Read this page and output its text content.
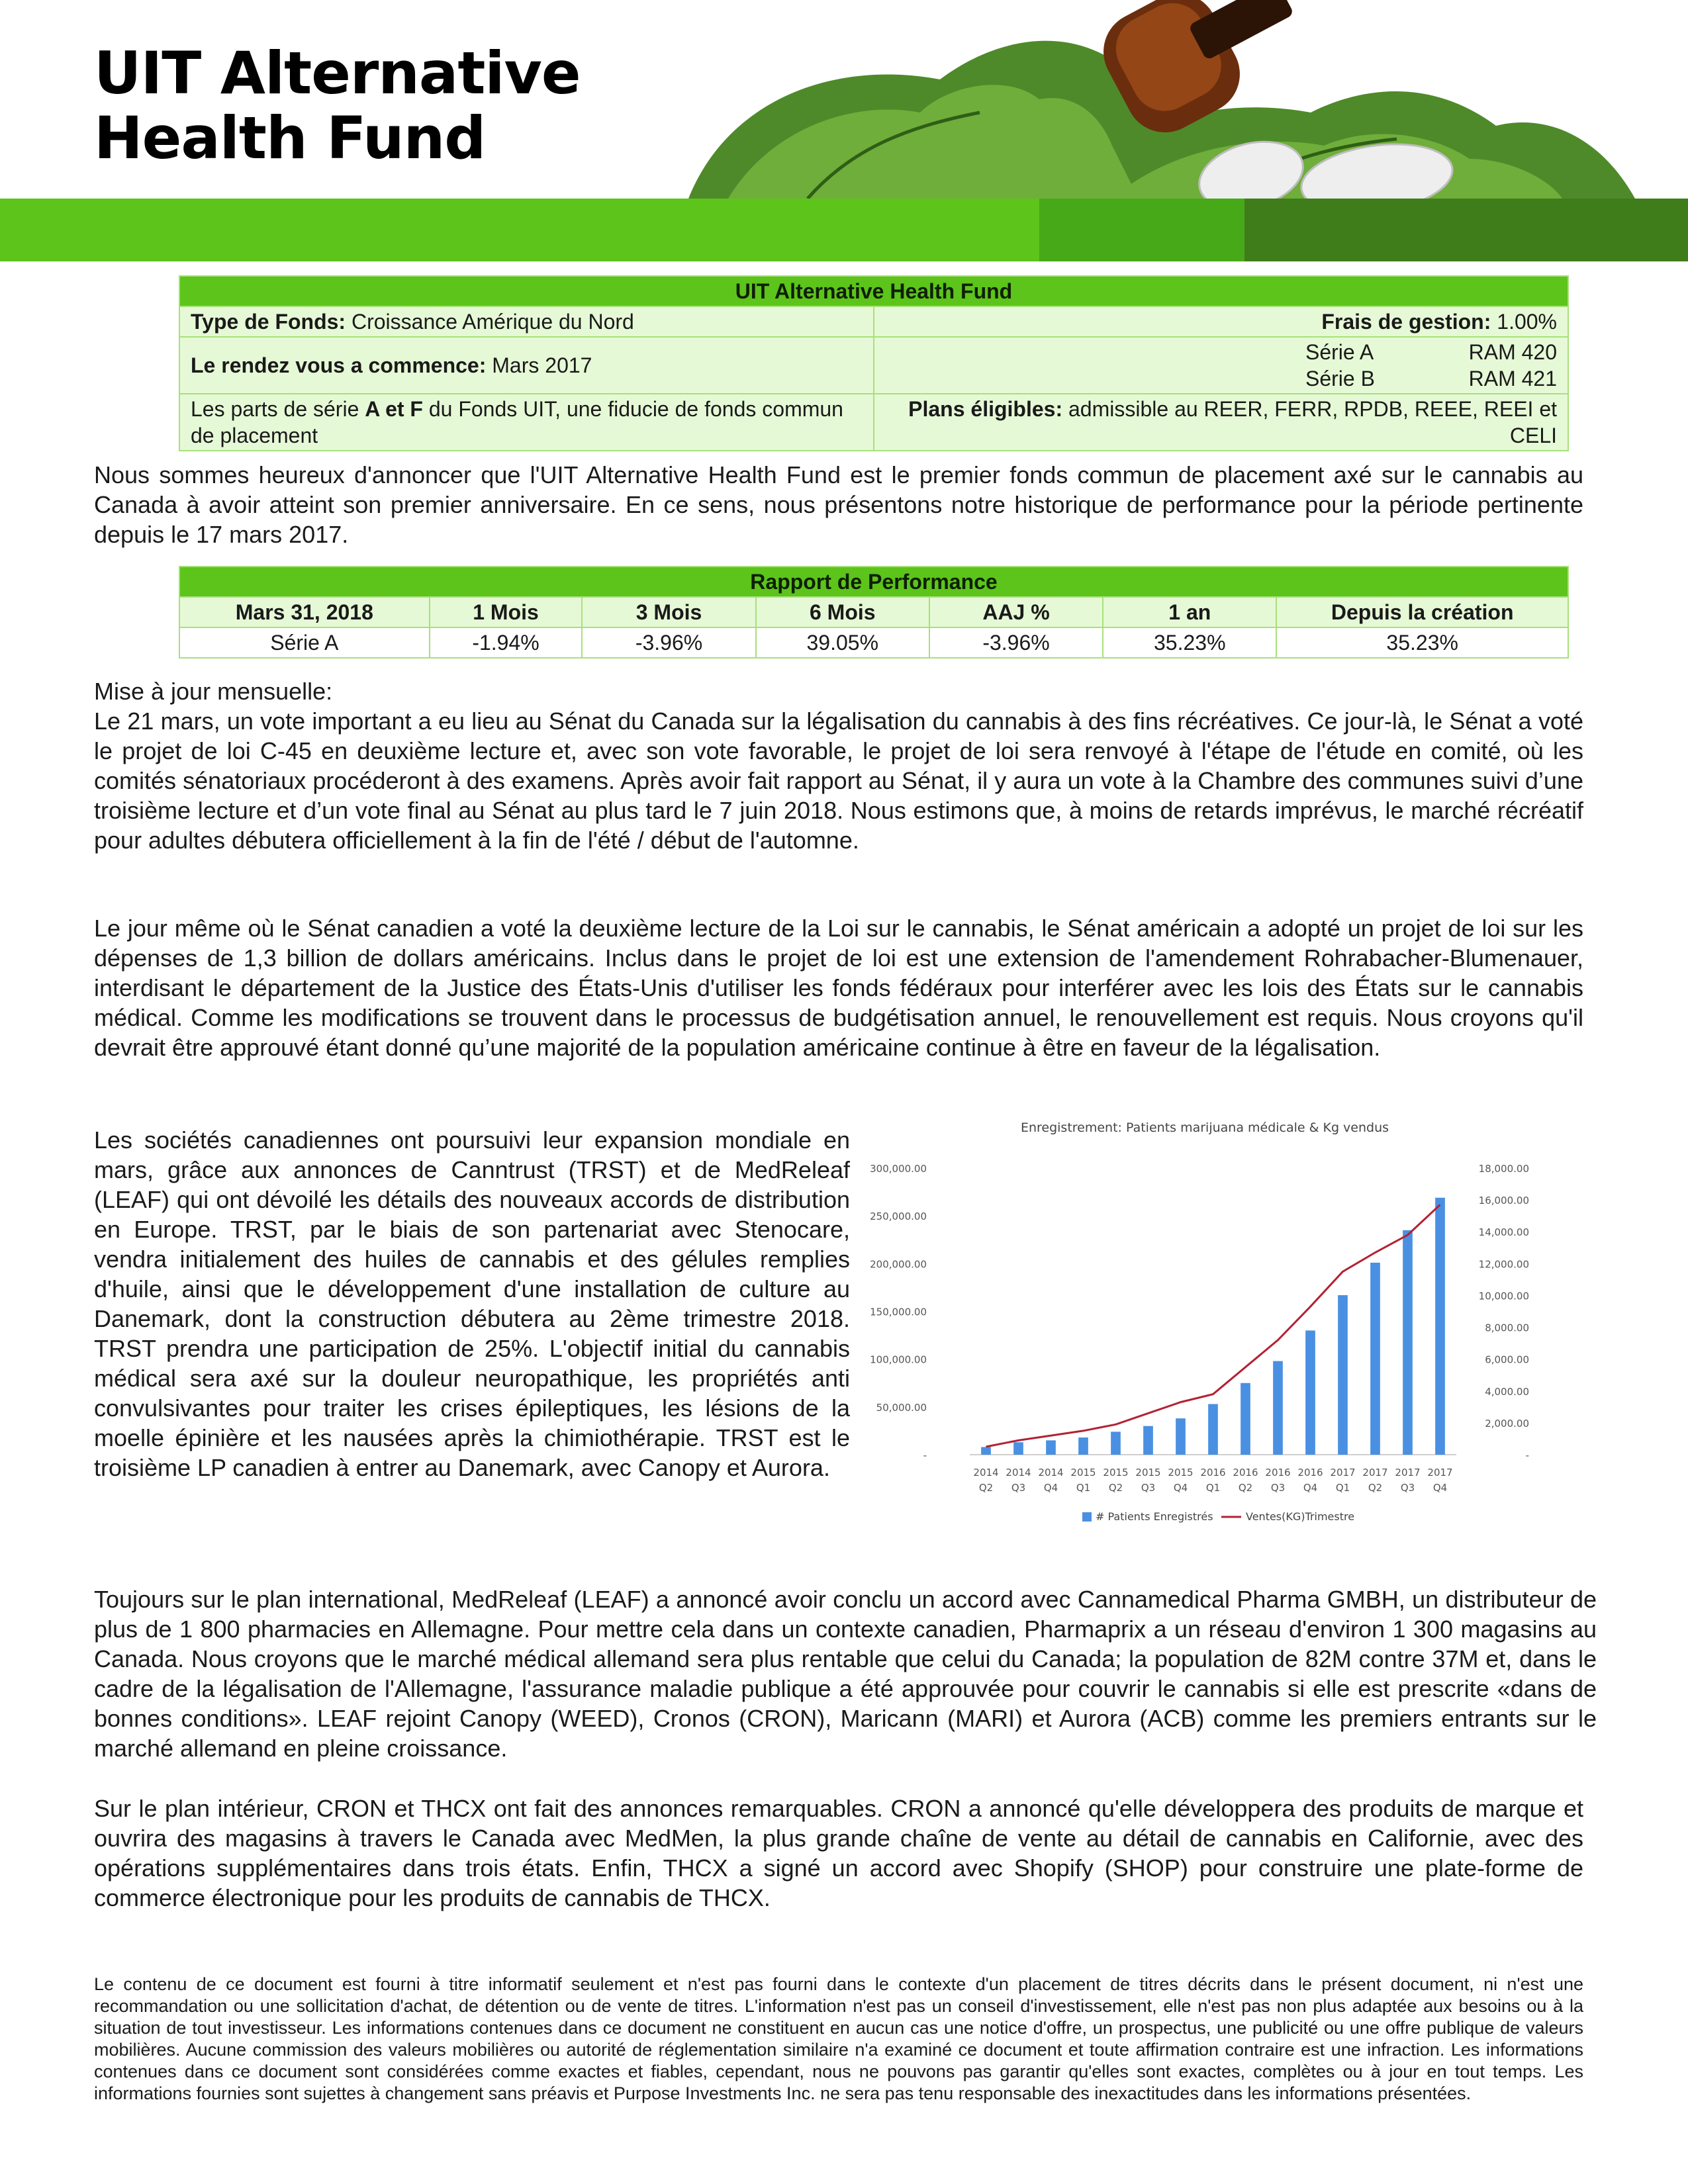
UIT Alternative
Health Fund
UIT Alternative Health Fund	
Type de Fonds: Croissance Amérique du Nord	Frais de gestion: 1.00%
Le rendez vous a commence: Mars 2017	Série A RAM 420
Série B RAM 421

Les parts de série A et F du Fonds UIT, une fiducie de fonds commun de placement	Plans éligibles: admissible au REER, FERR, RPDB, REEE, REEI et CELI

Nous sommes heureux d'annoncer que l'UIT Alternative Health Fund est le premier fonds commun de placement axé sur le cannabis au Canada à avoir atteint son premier anniversaire. En ce sens, nous présentons notre historique de performance pour la période pertinente depuis le 17 mars 2017.

Rapport de Performance						
Mars 31, 2018	1 Mois	3 Mois	6 Mois	AAJ %	1 an	Depuis la création
Série A	-1.94%	-3.96%	39.05%	-3.96%	35.23%	35.23%

Mise à jour mensuelle:

Le 21 mars, un vote important a eu lieu au Sénat du Canada sur la légalisation du cannabis à des fins récréatives. Ce jour-là, le Sénat a voté le projet de loi C-45 en deuxième lecture et, avec son vote favorable, le projet de loi sera renvoyé à l'étape de l'étude en comité, où les comités sénatoriaux procéderont à des examens. Après avoir fait rapport au Sénat, il y aura un vote à la Chambre des communes suivi d’une troisième lecture et d’un vote final au Sénat au plus tard le 7 juin 2018. Nous estimons que, à moins de retards imprévus, le marché récréatif pour adultes débutera officiellement à la fin de l'été / début de l'automne.

Le jour même où le Sénat canadien a voté la deuxième lecture de la Loi sur le cannabis, le Sénat américain a adopté un projet de loi sur les dépenses de 1,3 billion de dollars américains. Inclus dans le projet de loi est une extension de l'amendement Rohrabacher-Blumenauer, interdisant le département de la Justice des États-Unis d'utiliser les fonds fédéraux pour interférer avec les lois des États sur le cannabis médical. Comme les modifications se trouvent dans le processus de budgétisation annuel, le renouvellement est requis. Nous croyons qu'il devrait être approuvé étant donné qu’une majorité de la population américaine continue à être en faveur de la légalisation.

Les sociétés canadiennes ont poursuivi leur expansion mondiale en mars, grâce aux annonces de Canntrust (TRST) et de MedReleaf (LEAF) qui ont dévoilé les détails des nouveaux accords de distribution en Europe. TRST, par le biais de son partenariat avec Stenocare, vendra initialement des huiles de cannabis et des gélules remplies d'huile, ainsi que le développement d'une installation de culture au Danemark, dont la construction débutera au 2ème trimestre 2018. TRST prendra une participation de 25%. L'objectif initial du cannabis médical sera axé sur la douleur neuropathique, les propriétés anti convulsivantes pour traiter les crises épileptiques, les lésions de la moelle épinière et les nausées après la chimiothérapie. TRST est le troisième LP canadien à entrer au Danemark, avec Canopy et Aurora.

Enregistrement: Patients marijuana médicale & Kg vendus
-
50,000.00
100,000.00
150,000.00
200,000.00
250,000.00
300,000.00
-
2,000.00
4,000.00
6,000.00
8,000.00
10,000.00
12,000.00
14,000.00
16,000.00
18,000.00
2014
Q2
2014
Q3
2014
Q4
2015
Q1
2015
Q2
2015
Q3
2015
Q4
2016
Q1
2016
Q2
2016
Q3
2016
Q4
2017
Q1
2017
Q2
2017
Q3
2017
Q4
# Patients Enregistrés	Ventes(KG)Trimestre

Toujours sur le plan international, MedReleaf (LEAF) a annoncé avoir conclu un accord avec Cannamedical Pharma GMBH, un distributeur de plus de 1 800 pharmacies en Allemagne. Pour mettre cela dans un contexte canadien, Pharmaprix a un réseau d'environ 1 300 magasins au Canada. Nous croyons que le marché médical allemand sera plus rentable que celui du Canada; la population de 82M contre 37M et, dans le cadre de la légalisation de l'Allemagne, l'assurance maladie publique a été approuvée pour couvrir le cannabis si elle est prescrite «dans de bonnes conditions». LEAF rejoint Canopy (WEED), Cronos (CRON), Maricann (MARI) et Aurora (ACB) comme les premiers entrants sur le marché allemand en pleine croissance.

Sur le plan intérieur, CRON et THCX ont fait des annonces remarquables. CRON a annoncé qu'elle développera des produits de marque et ouvrira des magasins à travers le Canada avec MedMen, la plus grande chaîne de vente au détail de cannabis en Californie, avec des opérations supplémentaires dans trois états. Enfin, THCX a signé un accord avec Shopify (SHOP) pour construire une plate-forme de commerce électronique pour les produits de cannabis de THCX.

Le contenu de ce document est fourni à titre informatif seulement et n'est pas fourni dans le contexte d'un placement de titres décrits dans le présent document, ni n'est une recommandation ou une sollicitation d'achat, de détention ou de vente de titres. L'information n'est pas un conseil d'investissement, elle n'est pas non plus adaptée aux besoins ou à la situation de tout investisseur. Les informations contenues dans ce document ne constituent en aucun cas une notice d'offre, un prospectus, une publicité ou une offre publique de valeurs mobilières. Aucune commission des valeurs mobilières ou autorité de réglementation similaire n'a examiné ce document et toute affirmation contraire est une infraction. Les informations contenues dans ce document sont considérées comme exactes et fiables, cependant, nous ne pouvons pas garantir qu'elles sont exactes, complètes ou à jour en tout temps. Les informations fournies sont sujettes à changement sans préavis et Purpose Investments Inc. ne sera pas tenu responsable des inexactitudes dans les informations présentées.
